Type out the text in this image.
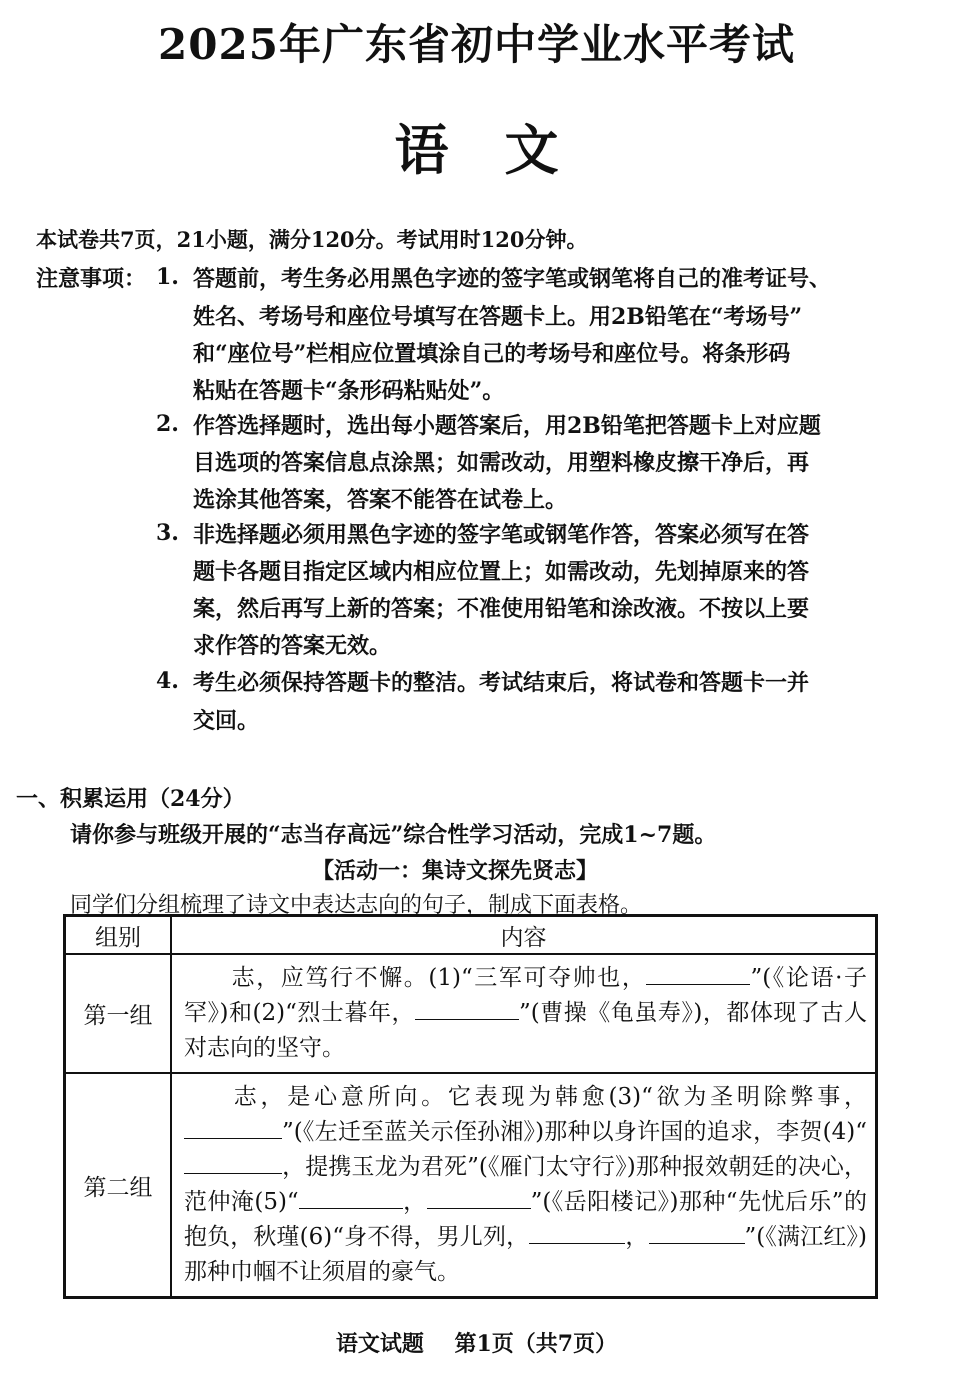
2025年广东省初中学业水平考试
语文
本试卷共7页，21小题，满分120分。考试用时120分钟。
注意事项： 1. 答题前，考生务必用黑色字迹的签字笔或钢笔将自己的准考证号、
姓名、考场号和座位号填写在答题卡上。用2B铅笔在“考场号”
和“座位号”栏相应位置填涂自己的考场号和座位号。将条形码
粘贴在答题卡“条形码粘贴处”。
2. 作答选择题时，选出每小题答案后，用2B铅笔把答题卡上对应题
目选项的答案信息点涂黑；如需改动，用塑料橡皮擦干净后，再
选涂其他答案，答案不能答在试卷上。
3. 非选择题必须用黑色字迹的签字笔或钢笔作答，答案必须写在答
题卡各题目指定区域内相应位置上；如需改动，先划掉原来的答
案，然后再写上新的答案；不准使用铅笔和涂改液。不按以上要
求作答的答案无效。
4. 考生必须保持答题卡的整洁。考试结束后，将试卷和答题卡一并
交回。
一、积累运用（24分）
请你参与班级开展的“志当存高远”综合性学习活动，完成1~7题。
【活动一：集诗文探先贤志】
同学们分组梳理了诗文中表达志向的句子，制成下面表格。
组别	内容
第一组	志，应笃行不懈。(1)“三军可夺帅也， ”(《论语·子罕》)和(2)“烈士暮年， ”(曹操《龟虽寿》)，都体现了古人对志向的坚守。

第二组	志，是心意所向。它表现为韩愈(3)“欲为圣明除弊事，”(《左迁至蓝关示侄孙湘》)那种以身许国的追求，李贺(4)“，提携玉龙为君死”(《雁门太守行》)那种报效朝廷的决心，范仲淹(5)“ ， ”(《岳阳楼记》)那种“先忧后乐”的抱负，秋瑾(6)“身不得，男儿列， ， ”(《满江红》)那种巾帼不让须眉的豪气。
语文试题    第1页（共7页）
